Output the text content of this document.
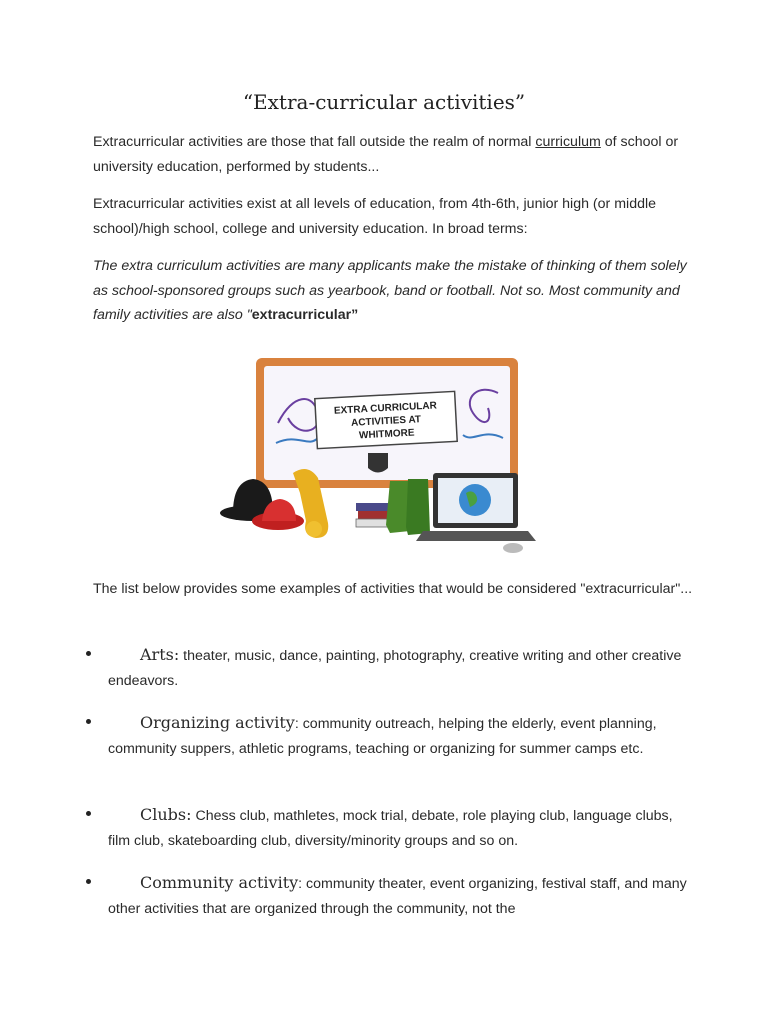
“Extra-curricular activities”

Extracurricular activities are those that fall outside the realm of normal curriculum of school or university education, performed by students...

Extracurricular activities exist at all levels of education, from 4th-6th, junior high (or middle school)/high school, college and university education. In broad terms:

The extra curriculum activities are many applicants make the mistake of thinking of them solely as school-sponsored groups such as yearbook, band or football. Not so. Most community and family activities are also "extracurricular”

EXTRA CURRICULAR
ACTIVITIES AT
WHITMORE

The list below provides some examples of activities that would be considered "extracurricular"...

Arts: theater, music, dance, painting, photography, creative writing and other creative endeavors.
Organizing activity: community outreach, helping the elderly, event planning, community suppers, athletic programs, teaching or organizing for summer camps etc.
Clubs: Chess club, mathletes, mock trial, debate, role playing club, language clubs, film club, skateboarding club, diversity/minority groups and so on.
Community activity: community theater, event organizing, festival staff, and many other activities that are organized through the community, not the
